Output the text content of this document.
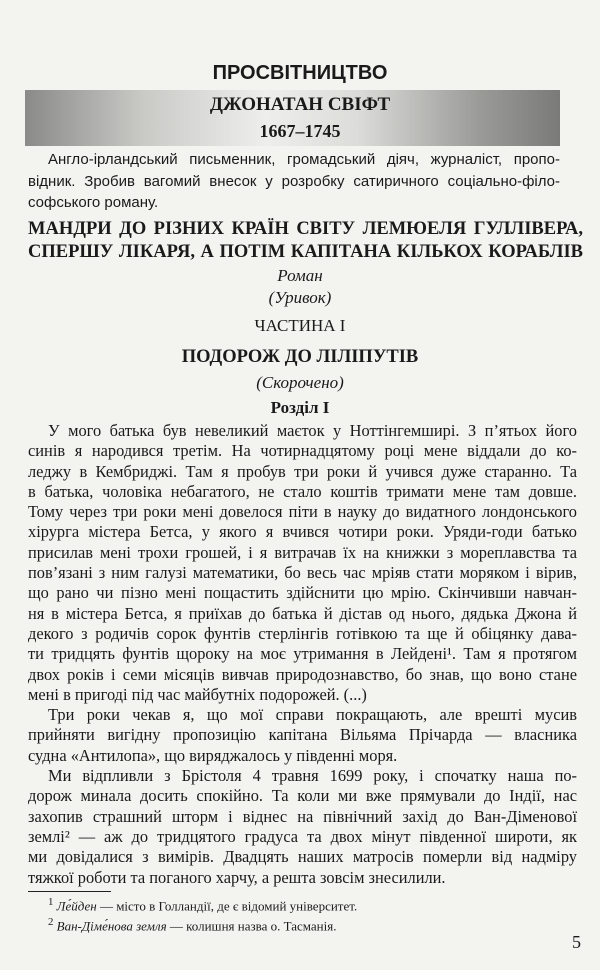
ПРОСВІТНИЦТВО
ДЖОНАТАН СВІФТ
1667–1745
Англо-ірландський письменник, громадський діяч, журналіст, пропо-
відник. Зробив вагомий внесок у розробку сатиричного соціально-філо-
софського роману.
МАНДРИ ДО РІЗНИХ КРАЇН СВІТУ ЛЕМЮЕЛЯ ГУЛЛІВЕРА,
СПЕРШУ ЛІКАРЯ, А ПОТІМ КАПІТАНА КІЛЬКОХ КОРАБЛІВ
Роман
(Уривок)
ЧАСТИНА І
ПОДОРОЖ ДО ЛІЛІПУТІВ
(Скорочено)
Розділ І
У мого батька був невеликий маєток у Ноттінгемширі. З п’ятьох його
синів я народився третім. На чотирнадцятому році мене віддали до ко-
леджу в Кембриджі. Там я пробув три роки й учився дуже старанно. Та
в батька, чоловіка небагатого, не стало коштів тримати мене там довше.
Тому через три роки мені довелося піти в науку до видатного лондонського
хірурга містера Бетса, у якого я вчився чотири роки. Уряди-годи батько
присилав мені трохи грошей, і я витрачав їх на книжки з мореплавства та
пов’язані з ним галузі математики, бо весь час мріяв стати моряком і вірив,
що рано чи пізно мені пощастить здійснити цю мрію. Скінчивши навчан-
ня в містера Бетса, я приїхав до батька й дістав од нього, дядька Джона й
декого з родичів сорок фунтів стерлінгів готівкою та ще й обіцянку дава-
ти тридцять фунтів щороку на моє утримання в Лейдені¹. Там я протягом
двох років і семи місяців вивчав природознавство, бо знав, що воно стане
мені в пригоді під час майбутніх подорожей. (...)
Три роки чекав я, що мої справи покращають, але врешті мусив
прийняти вигідну пропозицію капітана Вільяма Прічарда — власника
судна «Антилопа», що виряджалось у південні моря.
Ми відпливли з Брістоля 4 травня 1699 року, і спочатку наша по-
дорож минала досить спокійно. Та коли ми вже прямували до Індії, нас
захопив страшний шторм і віднес на північний захід до Ван-Діменової
землі² — аж до тридцятого градуса та двох мінут південної широти, як
ми довідалися з вимірів. Двадцять наших матросів померли від надміру
тяжкої роботи та поганого харчу, а решта зовсім знесилили.
$^1$ Ле́йден — місто в Голландії, де є відомий університет.
$^2$ Ван-Діме́нова земля — колишня назва о. Тасманія.
5
